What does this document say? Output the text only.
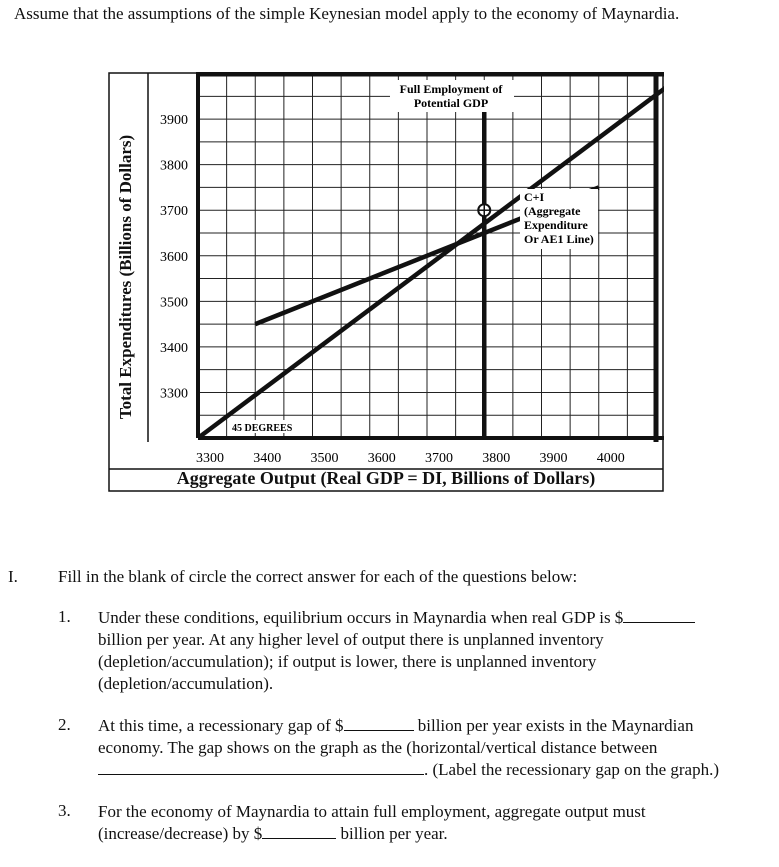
Assume that the assumptions of the simple Keynesian model apply to the economy of Maynardia.
3900
3800
3700
3600
3500
3400
3300
3300 3400 3500 3600 3700 3800 3900 4000
Full Employment of
Potential GDP
C+I
(Aggregate
Expenditure
Or AE1 Line)
45 DEGREES
Total Expenditures (Billions of Dollars)
Aggregate Output (Real GDP = DI, Billions of Dollars)
I. Fill in the blank of circle the correct answer for each of the questions below:
1. Under these conditions, equilibrium occurs in Maynardia when real GDP is $
billion per year. At any higher level of output there is unplanned inventory
(depletion/accumulation); if output is lower, there is unplanned inventory
(depletion/accumulation).
2. At this time, a recessionary gap of $	billion per year exists in the Maynardian
economy. The gap shows on the graph as the (horizontal/vertical distance between
. (Label the recessionary gap on the graph.)
3. For the economy of Maynardia to attain full employment, aggregate output must
(increase/decrease) by $	billion per year.
